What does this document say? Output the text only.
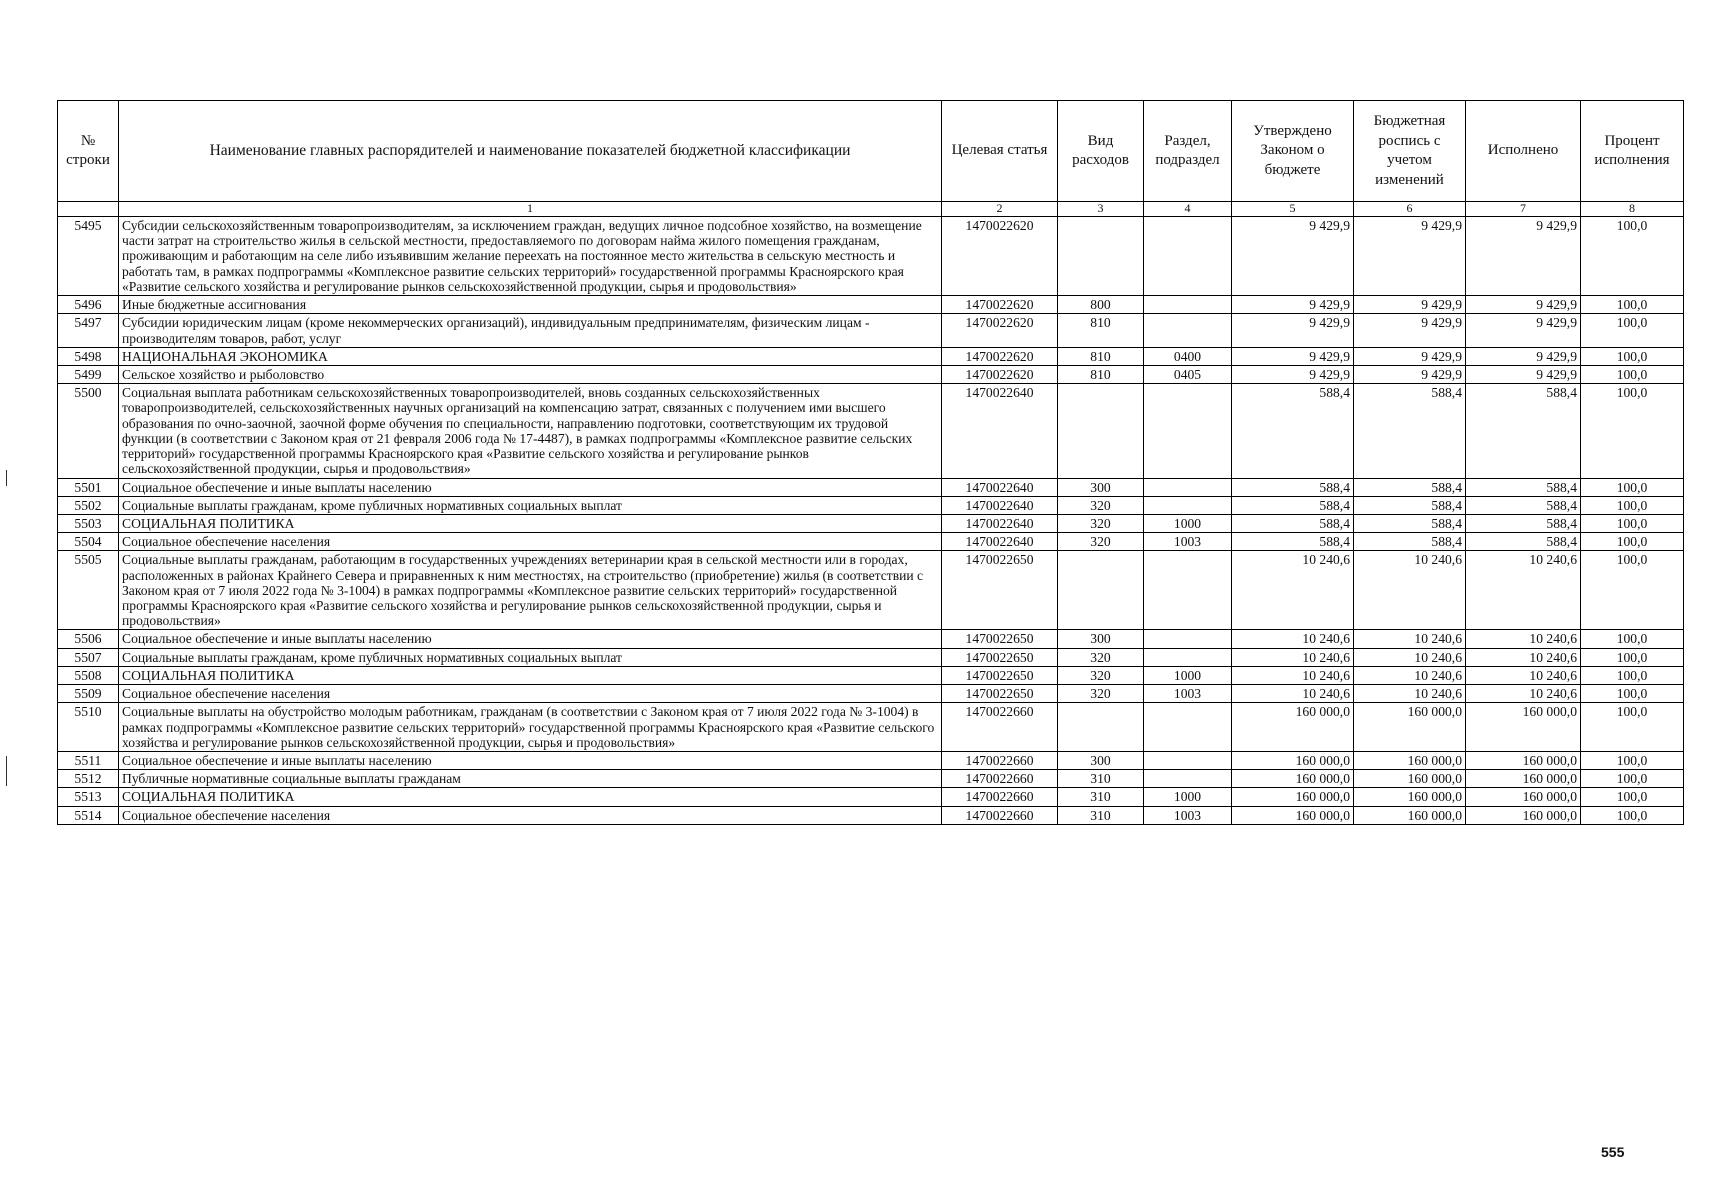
№ строки	Наименование главных распорядителей и наименование показателей бюджетной классификации	Целевая статья	Вид расходов	Раздел, подраздел	Утверждено Законом о бюджете	Бюджетная роспись с учетом изменений	Исполнено	Процент исполнения
	1	2	3	4	5	6	7	8
5495	Субсидии сельскохозяйственным товаропроизводителям, за исключением граждан, ведущих личное подсобное хозяйство, на возмещение части затрат на строительство жилья в сельской местности, предоставляемого по договорам найма жилого помещения гражданам, проживающим и работающим на селе либо изъявившим желание переехать на постоянное место жительства в сельскую местность и работать там, в рамках подпрограммы «Комплексное развитие сельских территорий» государственной программы Красноярского края «Развитие сельского хозяйства и регулирование рынков сельскохозяйственной продукции, сырья и продовольствия»	1470022620			9 429,9	9 429,9	9 429,9	100,0
5496	Иные бюджетные ассигнования	1470022620	800		9 429,9	9 429,9	9 429,9	100,0
5497	Субсидии юридическим лицам (кроме некоммерческих организаций), индивидуальным предпринимателям, физическим лицам - производителям товаров, работ, услуг	1470022620	810		9 429,9	9 429,9	9 429,9	100,0
5498	НАЦИОНАЛЬНАЯ ЭКОНОМИКА	1470022620	810	0400	9 429,9	9 429,9	9 429,9	100,0
5499	Сельское хозяйство и рыболовство	1470022620	810	0405	9 429,9	9 429,9	9 429,9	100,0
5500	Социальная выплата работникам сельскохозяйственных товаропроизводителей, вновь созданных сельскохозяйственных товаропроизводителей, сельскохозяйственных научных организаций на компенсацию затрат, связанных с получением ими высшего образования по очно-заочной, заочной форме обучения по специальности, направлению подготовки, соответствующим их трудовой функции (в соответствии с Законом края от 21 февраля 2006 года № 17-4487), в рамках подпрограммы «Комплексное развитие сельских территорий» государственной программы Красноярского края «Развитие сельского хозяйства и регулирование рынков сельскохозяйственной продукции, сырья и продовольствия»	1470022640			588,4	588,4	588,4	100,0
5501	Социальное обеспечение и иные выплаты населению	1470022640	300		588,4	588,4	588,4	100,0
5502	Социальные выплаты гражданам, кроме публичных нормативных социальных выплат	1470022640	320		588,4	588,4	588,4	100,0
5503	СОЦИАЛЬНАЯ ПОЛИТИКА	1470022640	320	1000	588,4	588,4	588,4	100,0
5504	Социальное обеспечение населения	1470022640	320	1003	588,4	588,4	588,4	100,0
5505	Социальные выплаты гражданам, работающим в государственных учреждениях ветеринарии края в сельской местности или в городах, расположенных в районах Крайнего Севера и приравненных к ним местностях, на строительство (приобретение) жилья (в соответствии с Законом края от 7 июля 2022 года № 3-1004) в рамках подпрограммы «Комплексное развитие сельских территорий» государственной программы Красноярского края «Развитие сельского хозяйства и регулирование рынков сельскохозяйственной продукции, сырья и продовольствия»	1470022650			10 240,6	10 240,6	10 240,6	100,0
5506	Социальное обеспечение и иные выплаты населению	1470022650	300		10 240,6	10 240,6	10 240,6	100,0
5507	Социальные выплаты гражданам, кроме публичных нормативных социальных выплат	1470022650	320		10 240,6	10 240,6	10 240,6	100,0
5508	СОЦИАЛЬНАЯ ПОЛИТИКА	1470022650	320	1000	10 240,6	10 240,6	10 240,6	100,0
5509	Социальное обеспечение населения	1470022650	320	1003	10 240,6	10 240,6	10 240,6	100,0
5510	Социальные выплаты на обустройство молодым работникам, гражданам (в соответствии с Законом края от 7 июля 2022 года № 3-1004) в рамках подпрограммы «Комплексное развитие сельских территорий» государственной программы Красноярского края «Развитие сельского хозяйства и регулирование рынков сельскохозяйственной продукции, сырья и продовольствия»	1470022660			160 000,0	160 000,0	160 000,0	100,0
5511	Социальное обеспечение и иные выплаты населению	1470022660	300		160 000,0	160 000,0	160 000,0	100,0
5512	Публичные нормативные социальные выплаты гражданам	1470022660	310		160 000,0	160 000,0	160 000,0	100,0
5513	СОЦИАЛЬНАЯ ПОЛИТИКА	1470022660	310	1000	160 000,0	160 000,0	160 000,0	100,0
5514	Социальное обеспечение населения	1470022660	310	1003	160 000,0	160 000,0	160 000,0	100,0
555
